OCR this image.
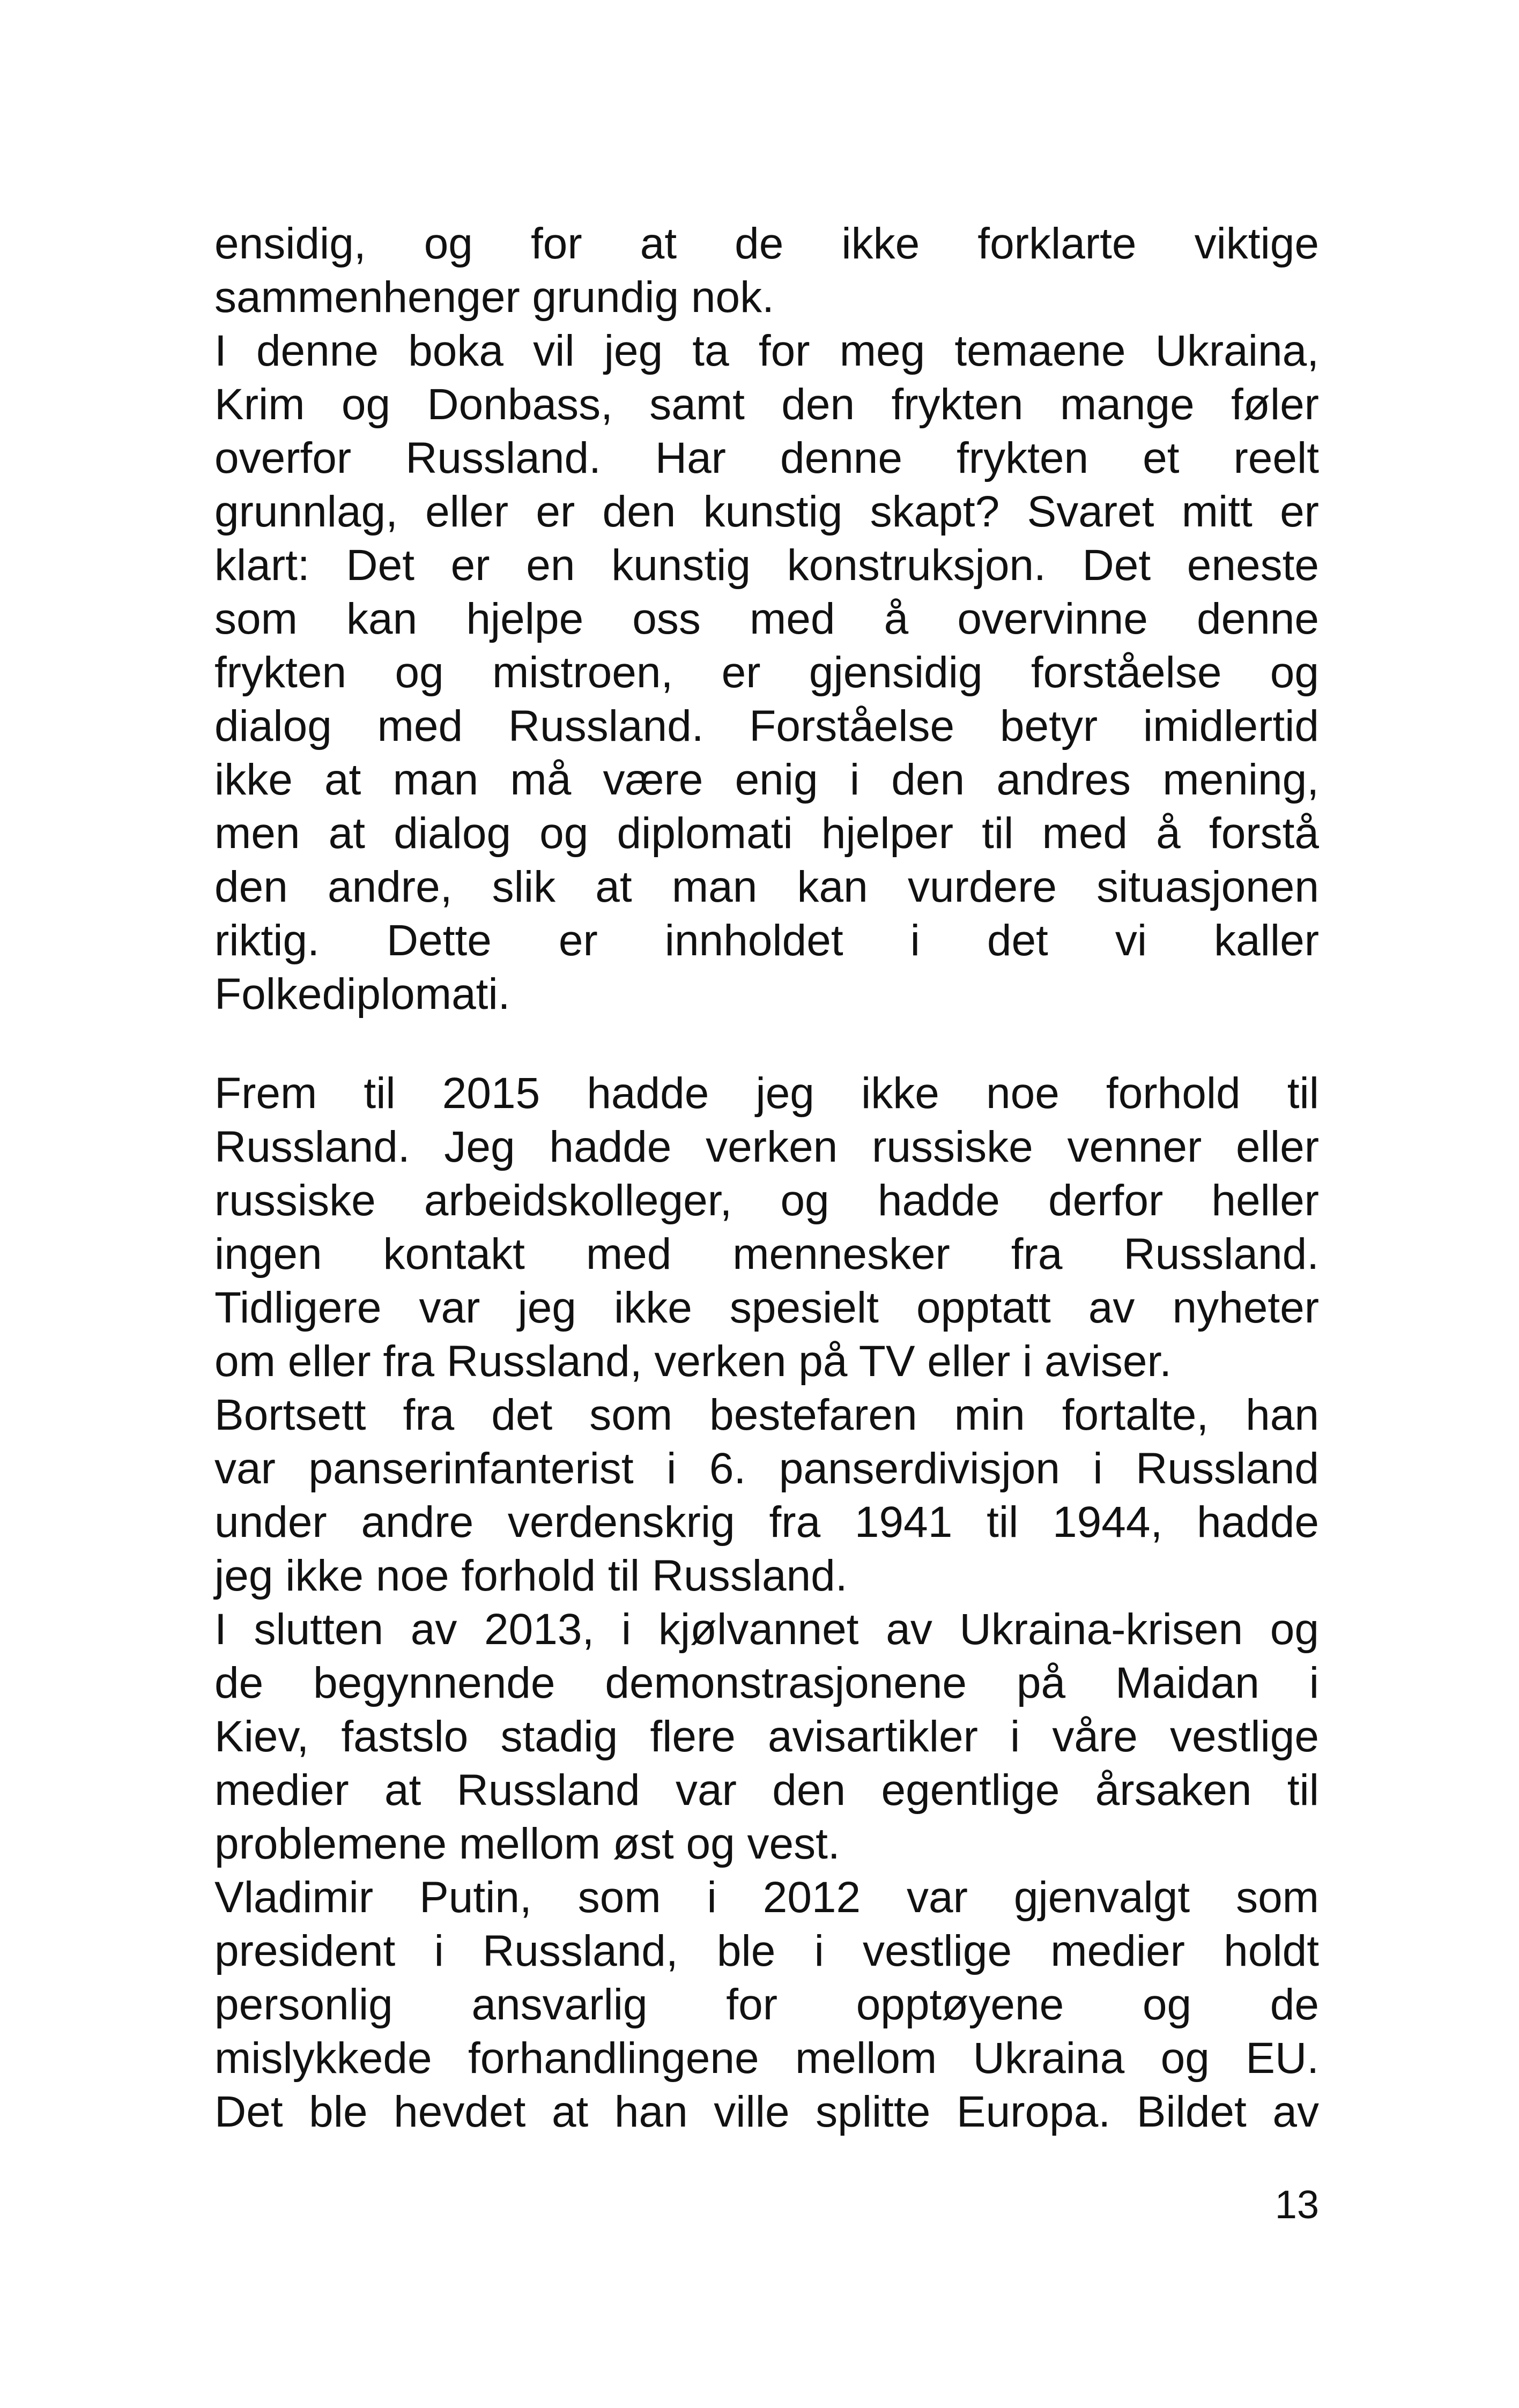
ensidig, og for at de ikke forklarte viktige
sammenhenger grundig nok.
I denne boka vil jeg ta for meg temaene Ukraina,
Krim og Donbass, samt den frykten mange føler
overfor Russland. Har denne frykten et reelt
grunnlag, eller er den kunstig skapt? Svaret mitt er
klart: Det er en kunstig konstruksjon. Det eneste
som kan hjelpe oss med å overvinne denne
frykten og mistroen, er gjensidig forståelse og
dialog med Russland. Forståelse betyr imidlertid
ikke at man må være enig i den andres mening,
men at dialog og diplomati hjelper til med å forstå
den andre, slik at man kan vurdere situasjonen
riktig. Dette er innholdet i det vi kaller
Folkediplomati.
Frem til 2015 hadde jeg ikke noe forhold til
Russland. Jeg hadde verken russiske venner eller
russiske arbeidskolleger, og hadde derfor heller
ingen kontakt med mennesker fra Russland.
Tidligere var jeg ikke spesielt opptatt av nyheter
om eller fra Russland, verken på TV eller i aviser.
Bortsett fra det som bestefaren min fortalte, han
var panserinfanterist i 6. panserdivisjon i Russland
under andre verdenskrig fra 1941 til 1944, hadde
jeg ikke noe forhold til Russland.
I slutten av 2013, i kjølvannet av Ukraina-krisen og
de begynnende demonstrasjonene på Maidan i
Kiev, fastslo stadig flere avisartikler i våre vestlige
medier at Russland var den egentlige årsaken til
problemene mellom øst og vest.
Vladimir Putin, som i 2012 var gjenvalgt som
president i Russland, ble i vestlige medier holdt
personlig ansvarlig for opptøyene og de
mislykkede forhandlingene mellom Ukraina og EU.
Det ble hevdet at han ville splitte Europa. Bildet av
13
